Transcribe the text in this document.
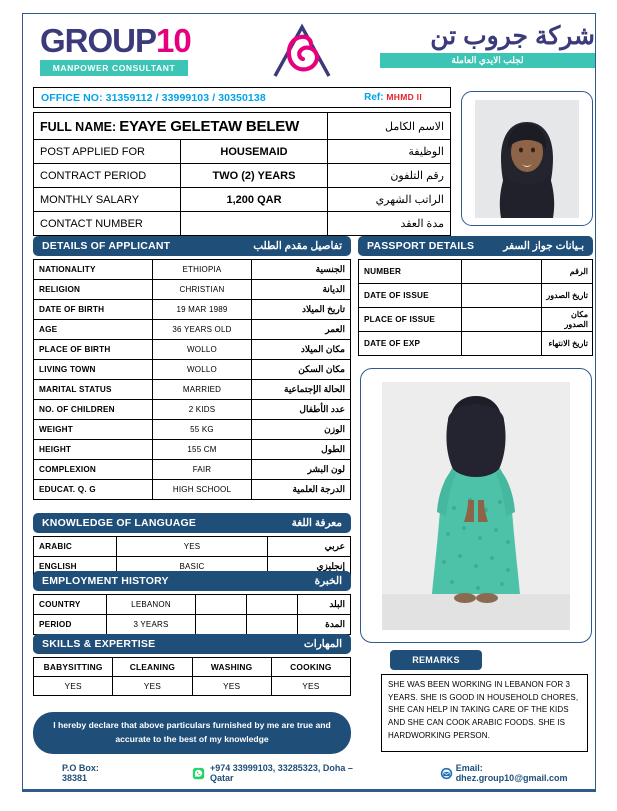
GROUP10
MANPOWER CONSULTANT
شركة جروب تن
لجلب الايدي العاملة
OFFICE NO: 31359112 / 33999103 / 30350138	Ref: MHMD II
FULL NAME: EYAYE GELETAW BELEW		الاسم الكامل
POST APPLIED FOR	HOUSEMAID	الوظيفة
CONTRACT PERIOD	TWO (2) YEARS	رقم التلفون
MONTHLY SALARY	1,200 QAR	الراتب الشهري
CONTACT NUMBER		مدة العقد
DETAILS OF APPLICANT	تفاصيل مقدم الطلب
NATIONALITY	ETHIOPIA	الجنسية
RELIGION	CHRISTIAN	الديانة
DATE OF BIRTH	19 MAR 1989	تاريخ الميلاد
AGE	36 YEARS OLD	العمر
PLACE OF BIRTH	WOLLO	مكان الميلاد
LIVING TOWN	WOLLO	مكان السكن
MARITAL STATUS	MARRIED	الحالة الإجتماعية
NO. OF CHILDREN	2 KIDS	عدد الأطفال
WEIGHT	55 KG	الوزن
HEIGHT	155 CM	الطول
COMPLEXION	FAIR	لون البشر
EDUCAT. Q. G	HIGH SCHOOL	الدرجة العلمية
KNOWLEDGE OF LANGUAGE	معرفة اللغة
ARABIC	YES	عربي
ENGLISH	BASIC	إنجليزي
EMPLOYMENT HISTORY	الخبرة
COUNTRY	LEBANON			البلد
PERIOD	3 YEARS			المدة
SKILLS & EXPERTISE	المهارات
BABYSITTING	CLEANING	WASHING	COOKING
YES	YES	YES	YES
I hereby declare that above particulars furnished by me are true and accurate to the best of my knowledge
PASSPORT DETAILS	بـيانات جواز السفر
NUMBER		الرقم
DATE OF ISSUE		تاريخ الصدور
PLACE OF ISSUE		مكان الصدور
DATE OF EXP		تاريخ الانتهاء
REMARKS
SHE WAS BEEN WORKING IN LEBANON FOR 3 YEARS. SHE IS GOOD IN HOUSEHOLD CHORES, SHE CAN HELP IN TAKING CARE OF THE KIDS AND SHE CAN COOK ARABIC FOODS. SHE IS HARDWORKING PERSON.
P.O Box: 38381
+974 33999103, 33285323, Doha – Qatar
Email: dhez.group10@gmail.com
